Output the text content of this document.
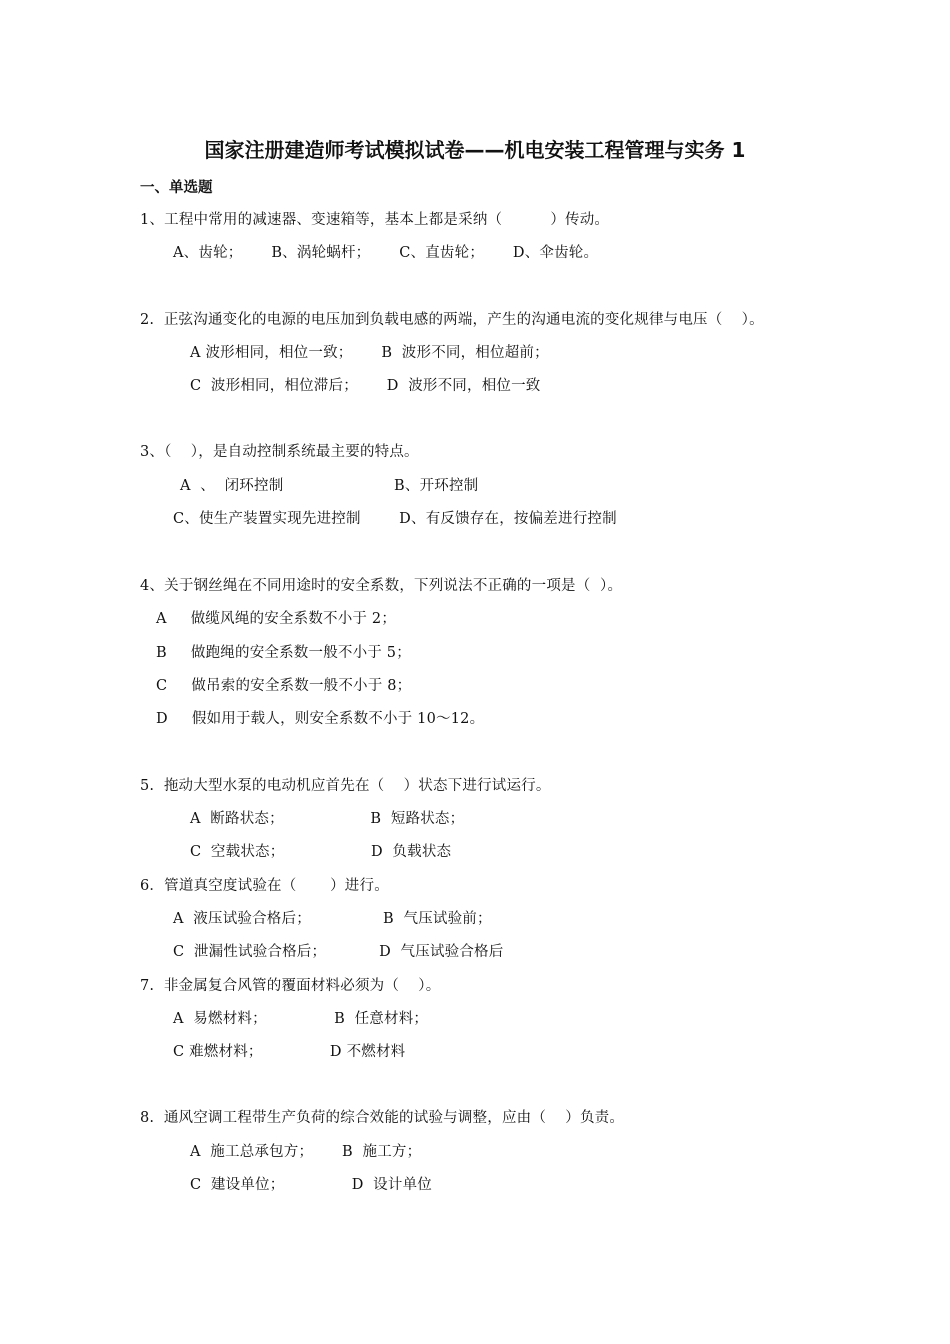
国家注册建造师考试模拟试卷——机电安装工程管理与实务 1
一、单选题
1、工程中常用的减速器、变速箱等，基本上都是采纳（          ）传动。
A、齿轮；      B、涡轮蜗杆；      C、直齿轮；      D、伞齿轮。
2.  正弦沟通变化的电源的电压加到负载电感的两端，产生的沟通电流的变化规律与电压（    ）。
A 波形相同，相位一致；      B  波形不同，相位超前；
C  波形相同，相位滞后；      D  波形不同，相位一致
3、（    ），是自动控制系统最主要的特点。
A  、  闭环控制                       B、开环控制
C、使生产装置实现先进控制        D、有反馈存在，按偏差进行控制
4、关于钢丝绳在不同用途时的安全系数，下列说法不正确的一项是（  ）。
A     做缆风绳的安全系数不小于 2；
B     做跑绳的安全系数一般不小于 5；
C     做吊索的安全系数一般不小于 8；
D     假如用于载人，则安全系数不小于 10～12。
5.  拖动大型水泵的电动机应首先在（    ）状态下进行试运行。
A  断路状态；                  B  短路状态；
C  空载状态；                  D  负载状态
6．管道真空度试验在（       ）进行。
A  液压试验合格后；               B  气压试验前；
C  泄漏性试验合格后；           D  气压试验合格后
7.  非金属复合风管的覆面材料必须为（    ）。
A  易燃材料；              B  任意材料；
C 难燃材料；              D 不燃材料
8.  通风空调工程带生产负荷的综合效能的试验与调整，应由（    ）负责。
A  施工总承包方；      B  施工方；
C  建设单位；              D  设计单位
